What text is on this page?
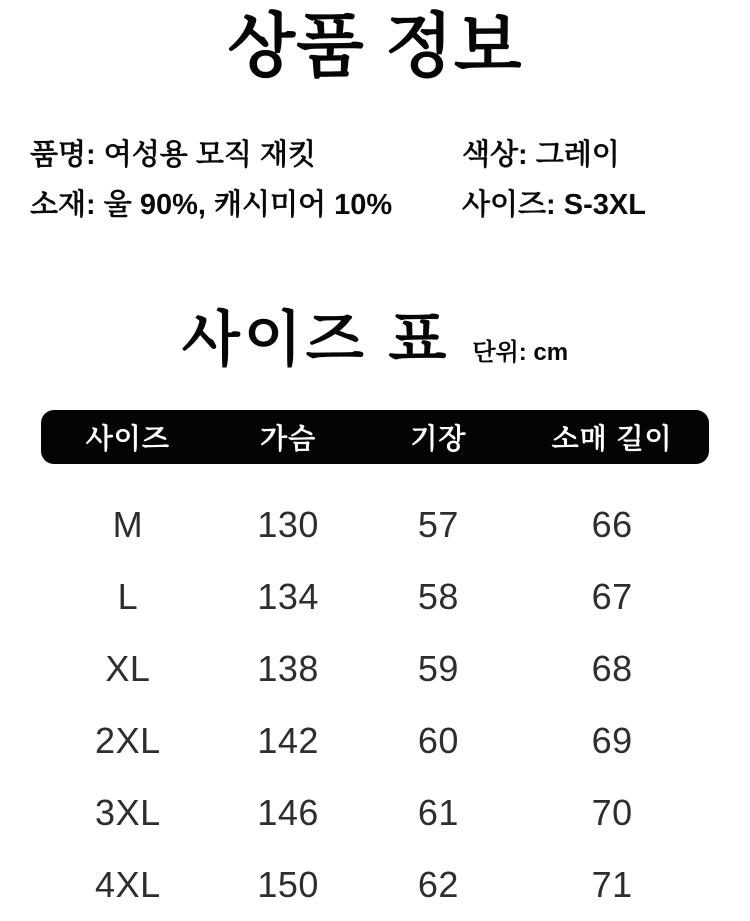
상품 정보
품명: 여성용 모직 재킷
소재: 울 90%, 캐시미어 10%
색상: 그레이
사이즈: S-3XL
사이즈 표 단위: cm
사이즈	가슴	기장	소매 길이
M	130	57	66
L	134	58	67
XL	138	59	68
2XL	142	60	69
3XL	146	61	70
4XL	150	62	71
